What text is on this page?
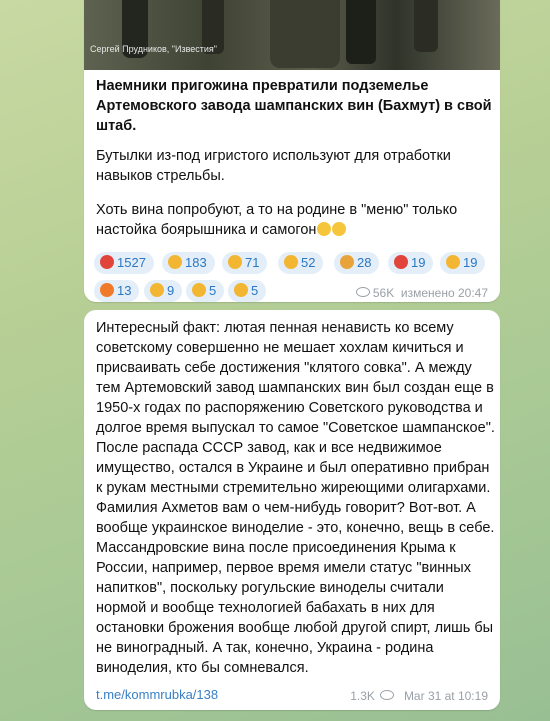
Сергей Прудников, "Известия"
Наемники пригожина превратили подземелье Артемовского завода шампанских вин (Бахмут) в свой штаб.
Бутылки из-под игристого используют для отработки навыков стрельбы.
Хоть вина попробуют, а то на родине в "меню" только настойка боярышника и самогон
1527	183	71	52	28	19	19
13	9	5	5	56K изменено 20:47
Интересный факт: лютая пенная ненависть ко всему советскому совершенно не мешает хохлам кичиться и присваивать себе достижения "клятого совка". А между тем Артемовский завод шампанских вин был создан еще в 1950-х годах по распоряжению Советского руководства и долгое время выпускал то самое "Советское шампанское". После распада СССР завод, как и все недвижимое имущество, остался в Украине и был оперативно прибран к рукам местными стремительно жиреющими олигархами. Фамилия Ахметов вам о чем-нибудь говорит? Вот-вот. А вообще украинское виноделие - это, конечно, вещь в себе. Массандровские вина после присоединения Крыма к России, например, первое время имели статус "винных напитков", поскольку рогульские виноделы считали нормой и вообще технологией бабахать в них для остановки брожения вообще любой другой спирт, лишь бы не виноградный. А так, конечно, Украина - родина виноделия, кто бы сомневался.
t.me/kommrubka/138	1.3K Mar 31 at 10:19
